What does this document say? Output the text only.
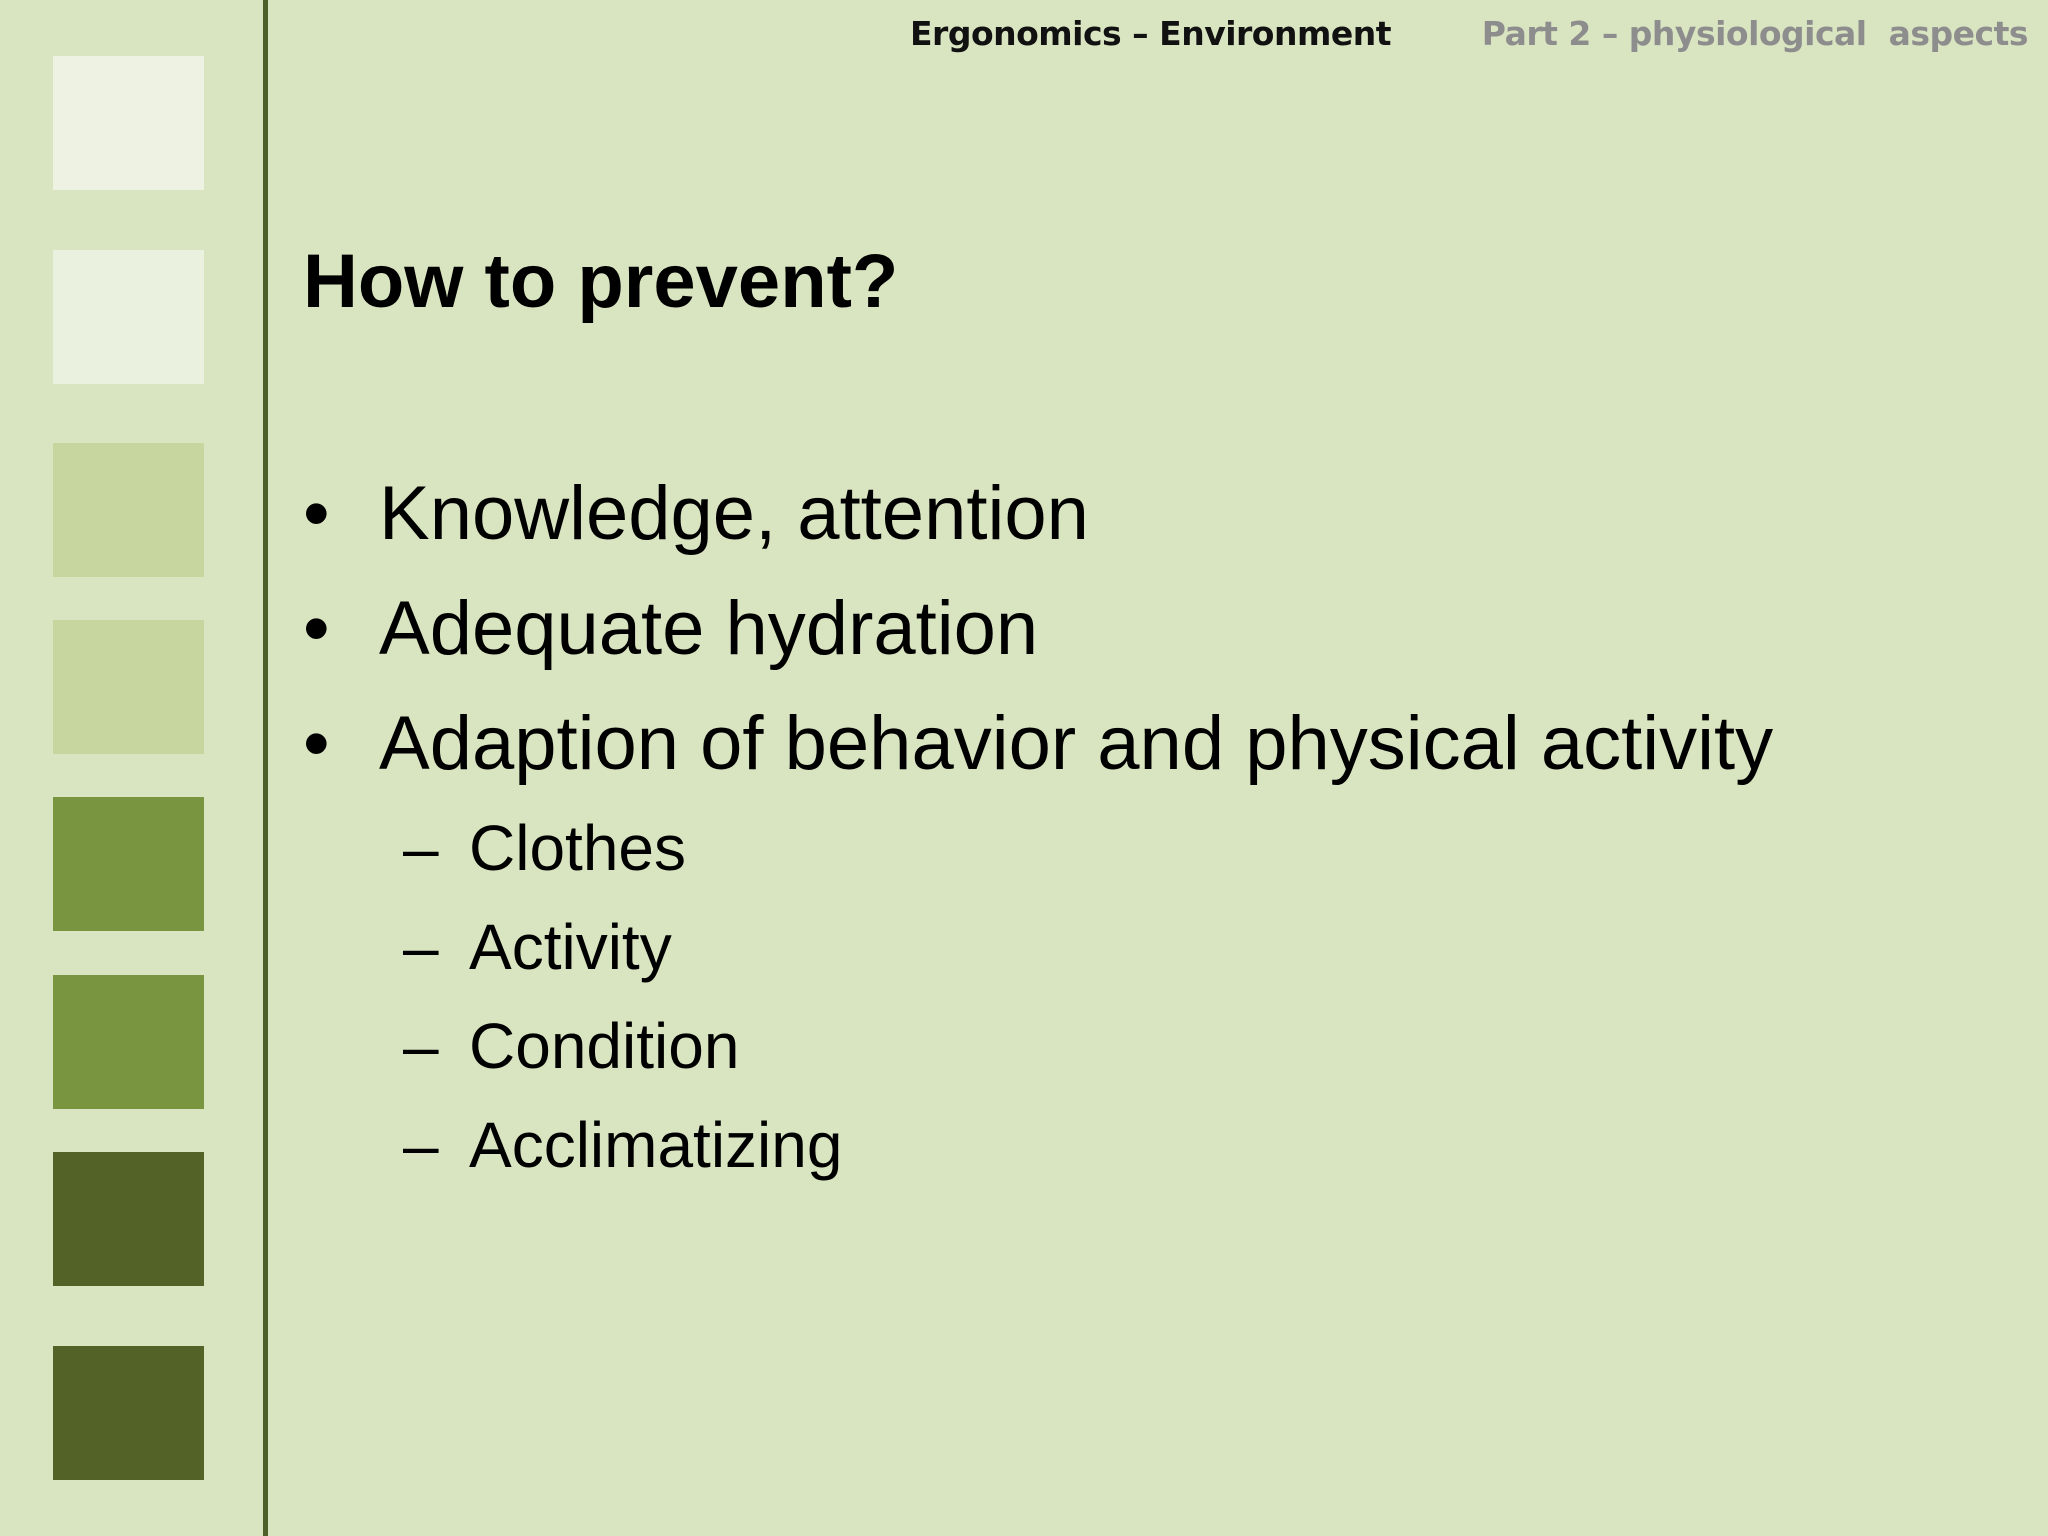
Ergonomics – Environment	Part 2 – physiological  aspects
How to prevent?
• Knowledge, attention
• Adequate hydration
• Adaption of behavior and physical activity
– Clothes
– Activity
– Condition
– Acclimatizing
